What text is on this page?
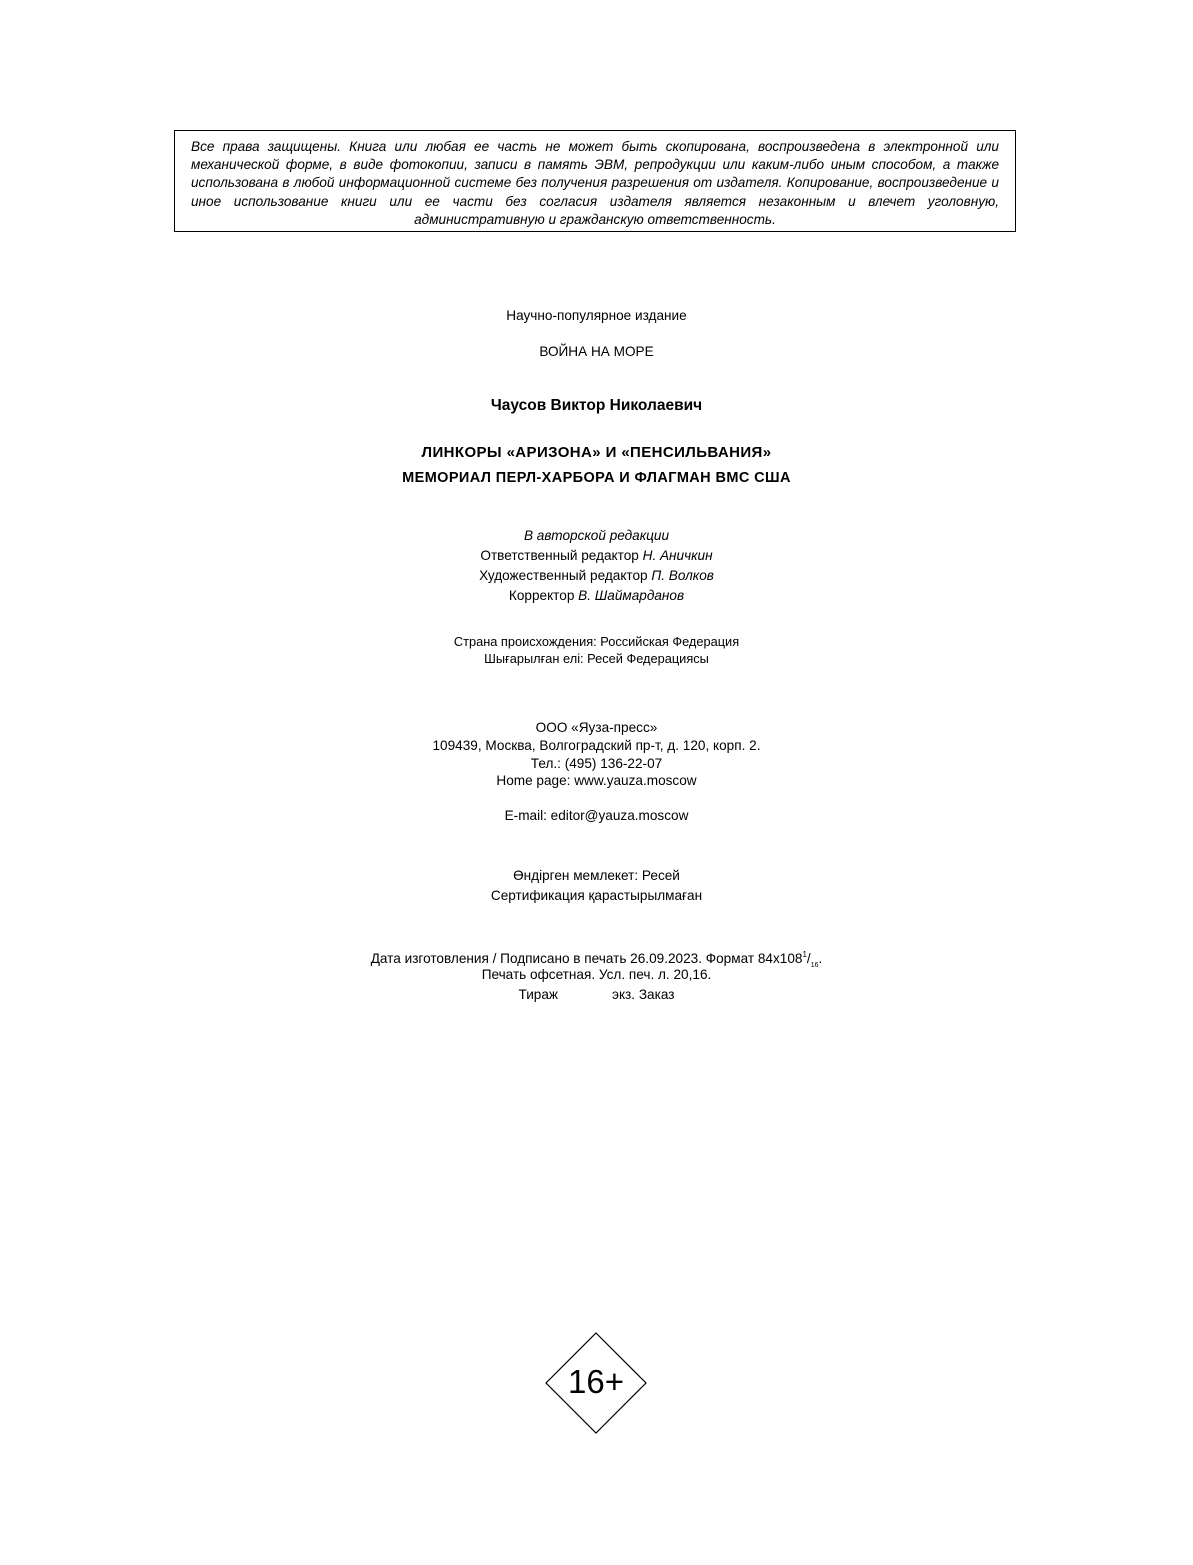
Все права защищены. Книга или любая ее часть не может быть скопирована, воспроизведена в электронной или механической форме, в виде фотокопии, записи в память ЭВМ, репродукции или каким-либо иным способом, а также использована в любой информационной системе без получения разрешения от издателя. Копирование, воспроизведение и иное использование книги или ее части без согласия издателя является незаконным и влечет уголовную, административную и гражданскую ответственность.

Научно-популярное издание

ВОЙНА НА МОРЕ

Чаусов Виктор Николаевич

ЛИНКОРЫ «АРИЗОНА» И «ПЕНСИЛЬВАНИЯ»

МЕМОРИАЛ ПЕРЛ-ХАРБОРА И ФЛАГМАН ВМС США

В авторской редакции

Ответственный редактор Н. Аничкин

Художественный редактор П. Волков

Корректор В. Шаймарданов

Страна происхождения: Российская Федерация

Шығарылған елі: Ресей Федерациясы

ООО «Яуза-пресс»

109439, Москва, Волгоградский пр-т, д. 120, корп. 2.

Тел.: (495) 136-22-07

Home page: www.yauza.moscow

E-mail: editor@yauza.moscow

Өндірген мемлекет: Ресей

Сертификация қарастырылмаған

Дата изготовления / Подписано в печать 26.09.2023. Формат $84х108^1/_{16}$.

Печать офсетная. Усл. печ. л. 20,16.

Тираж	экз. Заказ

16+
